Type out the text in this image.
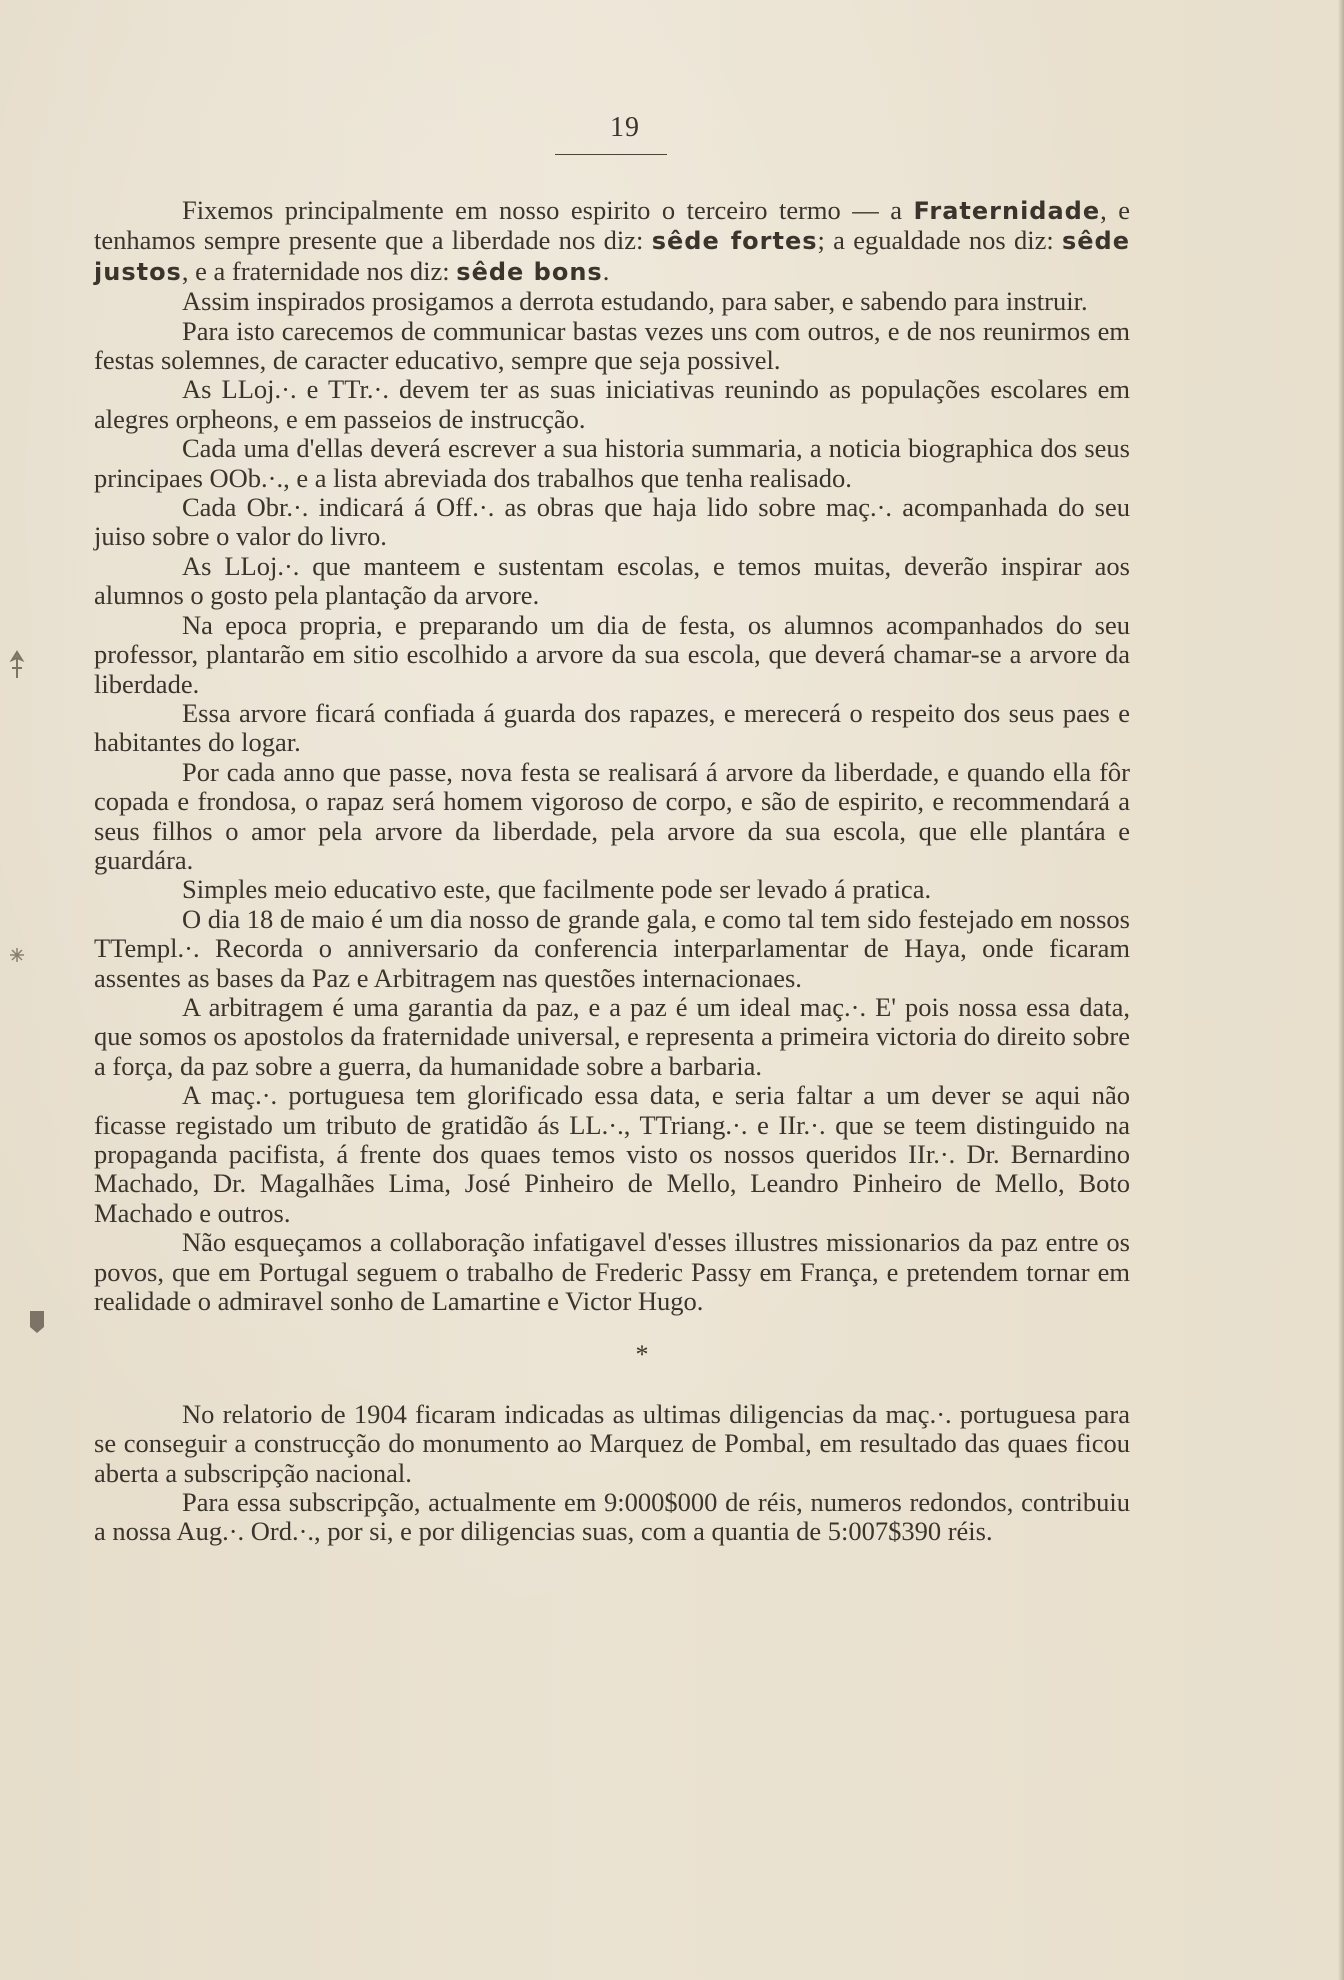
19

Fixemos principalmente em nosso espirito o terceiro termo — a Fraternidade, e tenhamos sempre presente que a liberdade nos diz: sêde fortes; a egualdade nos diz: sêde justos, e a fraternidade nos diz: sêde bons.

Assim inspirados prosigamos a derrota estudando, para saber, e sabendo para instruir.

Para isto carecemos de communicar bastas vezes uns com outros, e de nos reunirmos em festas solemnes, de caracter educativo, sempre que seja possivel.

As LLoj.·. e TTr.·. devem ter as suas iniciativas reunindo as populações escolares em alegres orpheons, e em passeios de instrucção.

Cada uma d'ellas deverá escrever a sua historia summaria, a noticia biographica dos seus principaes OOb.·., e a lista abreviada dos trabalhos que tenha realisado.

Cada Obr.·. indicará á Off.·. as obras que haja lido sobre maç.·. acompanhada do seu juiso sobre o valor do livro.

As LLoj.·. que manteem e sustentam escolas, e temos muitas, deverão inspirar aos alumnos o gosto pela plantação da arvore.

Na epoca propria, e preparando um dia de festa, os alumnos acompanhados do seu professor, plantarão em sitio escolhido a arvore da sua escola, que deverá chamar-se a arvore da liberdade.

Essa arvore ficará confiada á guarda dos rapazes, e merecerá o respeito dos seus paes e habitantes do logar.

Por cada anno que passe, nova festa se realisará á arvore da liberdade, e quando ella fôr copada e frondosa, o rapaz será homem vigoroso de corpo, e são de espirito, e recommendará a seus filhos o amor pela arvore da liberdade, pela arvore da sua escola, que elle plantára e guardára.

Simples meio educativo este, que facilmente pode ser levado á pratica.

O dia 18 de maio é um dia nosso de grande gala, e como tal tem sido festejado em nossos TTempl.·. Recorda o anniversario da conferencia interparlamentar de Haya, onde ficaram assentes as bases da Paz e Arbitragem nas questões internacionaes.

A arbitragem é uma garantia da paz, e a paz é um ideal maç.·. E' pois nossa essa data, que somos os apostolos da fraternidade universal, e representa a primeira victoria do direito sobre a força, da paz sobre a guerra, da humanidade sobre a barbaria.

A maç.·. portuguesa tem glorificado essa data, e seria faltar a um dever se aqui não ficasse registado um tributo de gratidão ás LL.·., TTriang.·. e IIr.·. que se teem distinguido na propaganda pacifista, á frente dos quaes temos visto os nossos queridos IIr.·. Dr. Bernardino Machado, Dr. Magalhães Lima, José Pinheiro de Mello, Leandro Pinheiro de Mello, Boto Machado e outros.

Não esqueçamos a collaboração infatigavel d'esses illustres missionarios da paz entre os povos, que em Portugal seguem o trabalho de Frederic Passy em França, e pretendem tornar em realidade o admiravel sonho de Lamartine e Victor Hugo.

*

No relatorio de 1904 ficaram indicadas as ultimas diligencias da maç.·. portuguesa para se conseguir a construcção do monumento ao Marquez de Pombal, em resultado das quaes ficou aberta a subscripção nacional.

Para essa subscripção, actualmente em 9:000$000 de réis, numeros redondos, contribuiu a nossa Aug.·. Ord.·., por si, e por diligencias suas, com a quantia de 5:007$390 réis.
